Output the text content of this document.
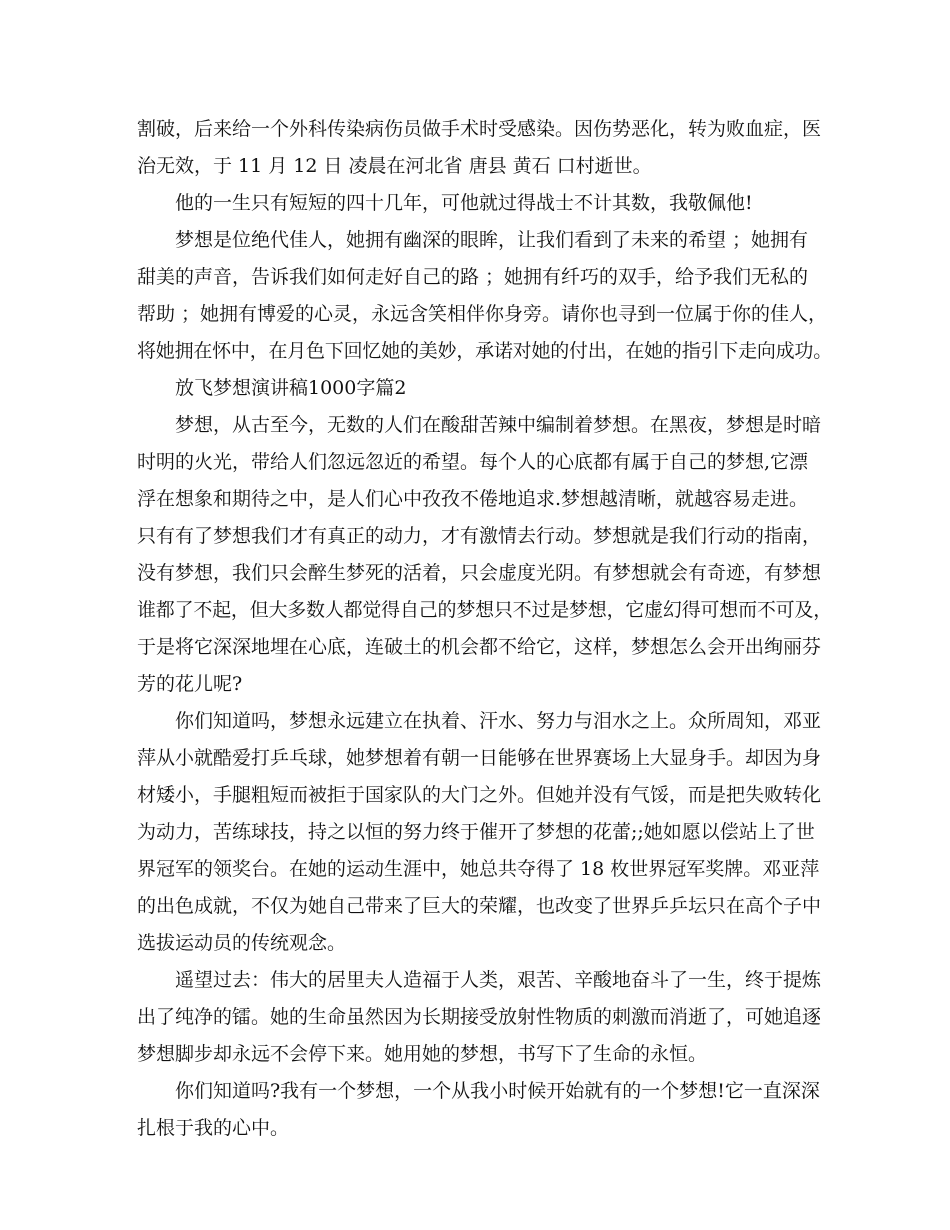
割破，后来给一个外科传染病伤员做手术时受感染。因伤势恶化，转为败血症，医
治无效，于 11 月 12 日 凌晨在河北省 唐县 黄石 口村逝世。
他的一生只有短短的四十几年，可他就过得战士不计其数，我敬佩他!
梦想是位绝代佳人，她拥有幽深的眼眸，让我们看到了未来的希望 ；她拥有
甜美的声音，告诉我们如何走好自己的路 ；她拥有纤巧的双手，给予我们无私的
帮助 ；她拥有博爱的心灵，永远含笑相伴你身旁。请你也寻到一位属于你的佳人，
将她拥在怀中，在月色下回忆她的美妙，承诺对她的付出，在她的指引下走向成功。
放飞梦想演讲稿1000字篇2
梦想，从古至今，无数的人们在酸甜苦辣中编制着梦想。在黑夜，梦想是时暗
时明的火光，带给人们忽远忽近的希望。每个人的心底都有属于自己的梦想,它漂
浮在想象和期待之中，是人们心中孜孜不倦地追求.梦想越清晰，就越容易走进。
只有有了梦想我们才有真正的动力，才有激情去行动。梦想就是我们行动的指南，
没有梦想，我们只会醉生梦死的活着，只会虚度光阴。有梦想就会有奇迹，有梦想
谁都了不起，但大多数人都觉得自己的梦想只不过是梦想，它虚幻得可想而不可及，
于是将它深深地埋在心底，连破土的机会都不给它，这样，梦想怎么会开出绚丽芬
芳的花儿呢?
你们知道吗，梦想永远建立在执着、汗水、努力与泪水之上。众所周知，邓亚
萍从小就酷爱打乒乓球，她梦想着有朝一日能够在世界赛场上大显身手。却因为身
材矮小，手腿粗短而被拒于国家队的大门之外。但她并没有气馁，而是把失败转化
为动力，苦练球技，持之以恒的努力终于催开了梦想的花蕾;;她如愿以偿站上了世
界冠军的领奖台。在她的运动生涯中，她总共夺得了 18 枚世界冠军奖牌。邓亚萍
的出色成就，不仅为她自己带来了巨大的荣耀，也改变了世界乒乒坛只在高个子中
选拔运动员的传统观念。
遥望过去：伟大的居里夫人造福于人类，艰苦、辛酸地奋斗了一生，终于提炼
出了纯净的镭。她的生命虽然因为长期接受放射性物质的刺激而消逝了，可她追逐
梦想脚步却永远不会停下来。她用她的梦想，书写下了生命的永恒。
你们知道吗?我有一个梦想，一个从我小时候开始就有的一个梦想!它一直深深
扎根于我的心中。
